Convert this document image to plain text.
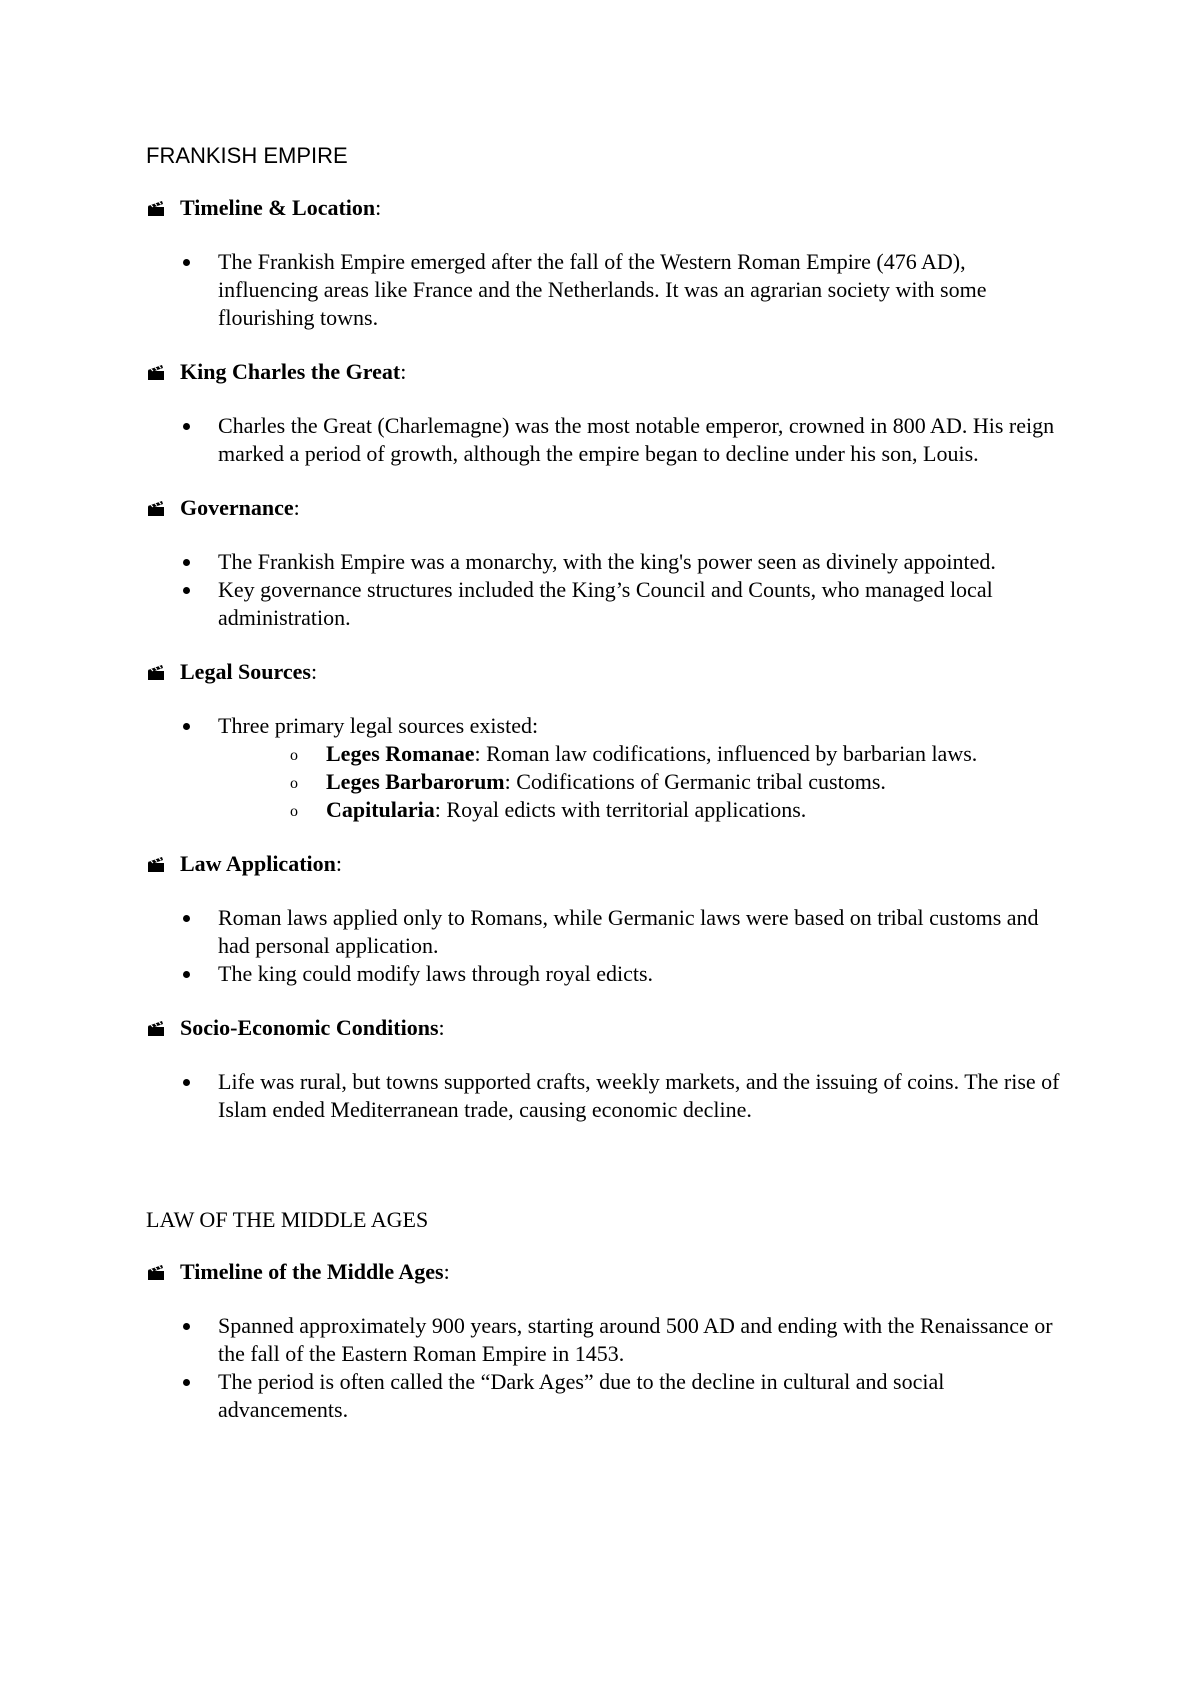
FRANKISH EMPIRE
Timeline & Location:
The Frankish Empire emerged after the fall of the Western Roman Empire (476 AD), influencing areas like France and the Netherlands. It was an agrarian society with some flourishing towns.
King Charles the Great:
Charles the Great (Charlemagne) was the most notable emperor, crowned in 800 AD. His reign marked a period of growth, although the empire began to decline under his son, Louis.
Governance:
The Frankish Empire was a monarchy, with the king's power seen as divinely appointed.
Key governance structures included the King’s Council and Counts, who managed local administration.
Legal Sources:
Three primary legal sources existed:
o Leges Romanae: Roman law codifications, influenced by barbarian laws.
o Leges Barbarorum: Codifications of Germanic tribal customs.
o Capitularia: Royal edicts with territorial applications.
Law Application:
Roman laws applied only to Romans, while Germanic laws were based on tribal customs and had personal application.
The king could modify laws through royal edicts.
Socio-Economic Conditions:
Life was rural, but towns supported crafts, weekly markets, and the issuing of coins. The rise of Islam ended Mediterranean trade, causing economic decline.
LAW OF THE MIDDLE AGES
Timeline of the Middle Ages:
Spanned approximately 900 years, starting around 500 AD and ending with the Renaissance or the fall of the Eastern Roman Empire in 1453.
The period is often called the “Dark Ages” due to the decline in cultural and social advancements.
